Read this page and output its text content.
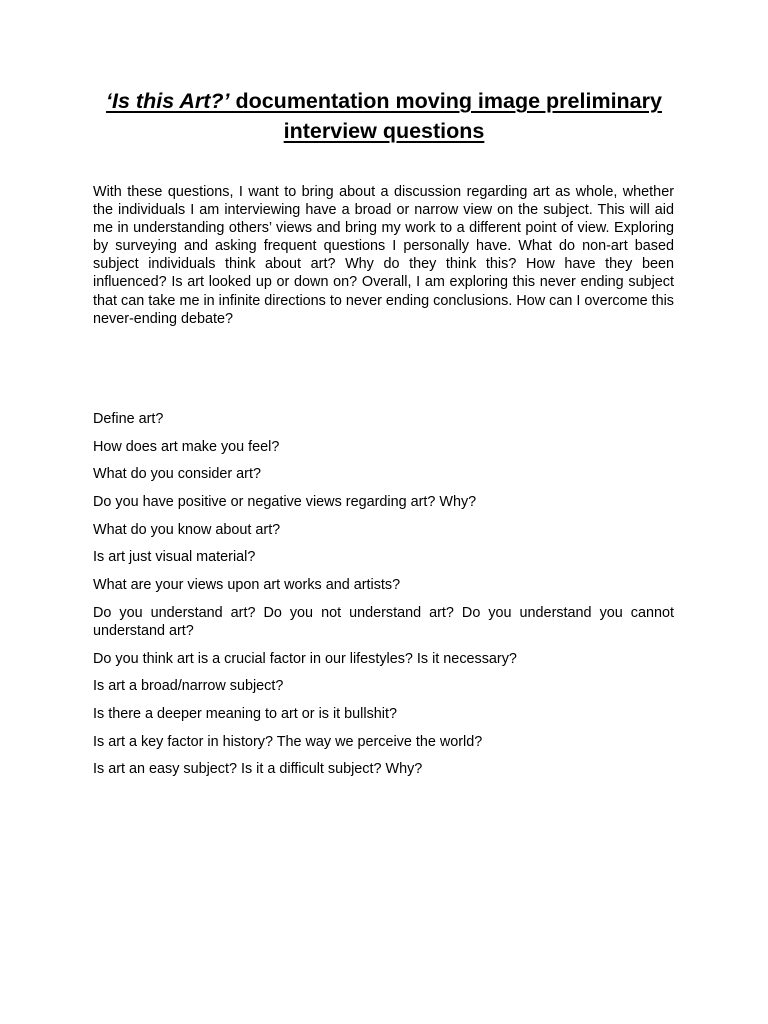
‘Is this Art?’ documentation moving image preliminary interview questions

With these questions, I want to bring about a discussion regarding art as whole, whether the individuals I am interviewing have a broad or narrow view on the subject. This will aid me in understanding others’ views and bring my work to a different point of view. Exploring by surveying and asking frequent questions I personally have. What do non-art based subject individuals think about art? Why do they think this? How have they been influenced? Is art looked up or down on? Overall, I am exploring this never ending subject that can take me in infinite directions to never ending conclusions. How can I overcome this never-ending debate?

Define art?
How does art make you feel?
What do you consider art?
Do you have positive or negative views regarding art? Why?
What do you know about art?
Is art just visual material?
What are your views upon art works and artists?
Do you understand art? Do you not understand art? Do you understand you cannot understand art?
Do you think art is a crucial factor in our lifestyles? Is it necessary?
Is art a broad/narrow subject?
Is there a deeper meaning to art or is it bullshit?
Is art a key factor in history? The way we perceive the world?
Is art an easy subject? Is it a difficult subject? Why?
